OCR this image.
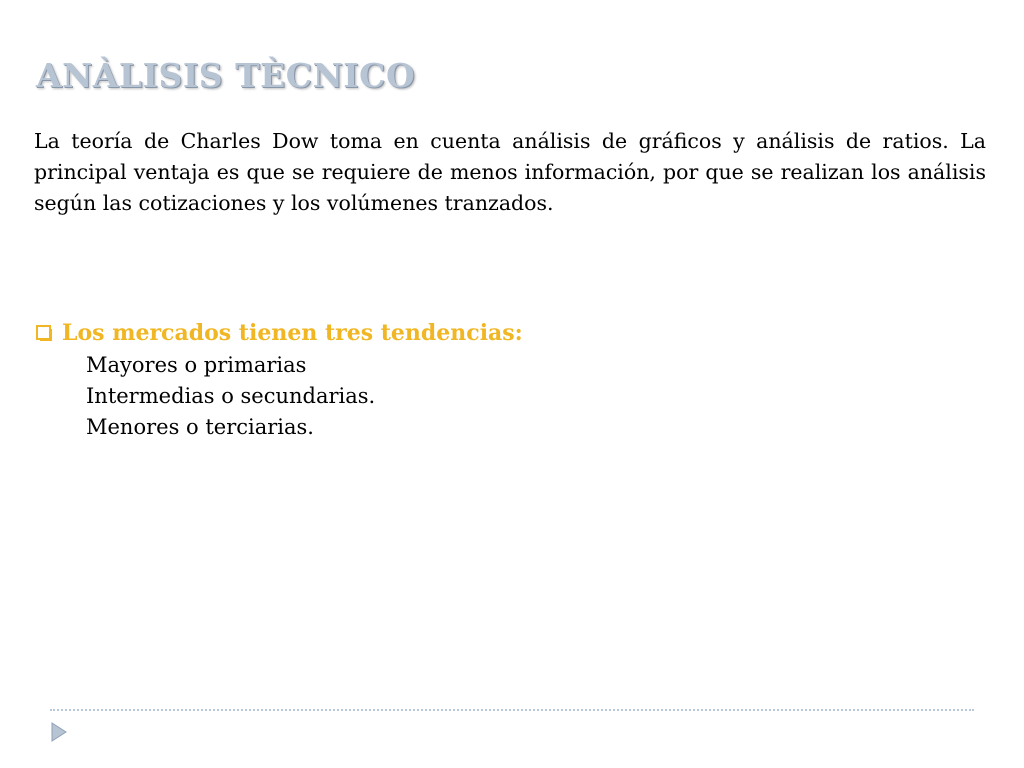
ANÀLISIS TÈCNICO

La teoría de Charles Dow toma en cuenta análisis de gráficos y análisis de ratios. La principal ventaja es que se requiere de menos información, por que se realizan los análisis según las cotizaciones y los volúmenes tranzados.

Los mercados tienen tres tendencias:
Mayores o primarias
Intermedias o secundarias.
Menores o terciarias.
